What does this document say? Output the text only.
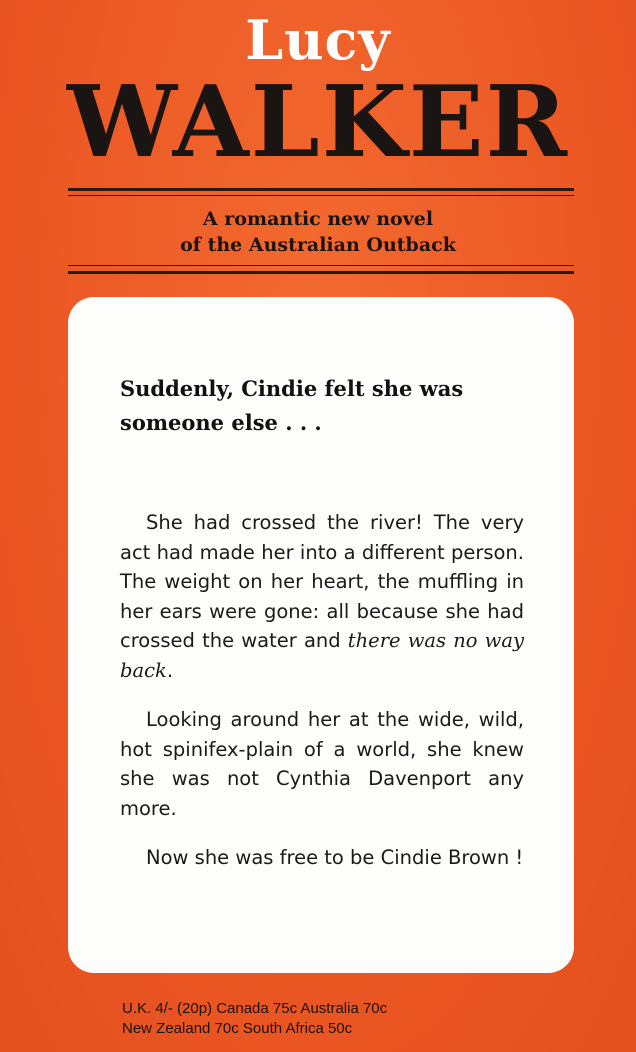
Lucy
WALKER
A romantic new novel
of the Australian Outback
Suddenly, Cindie felt she was
someone else . . .

She had crossed the river! The very act had made her into a different person. The weight on her heart, the muffling in her ears were gone: all because she had crossed the water and there was no way back.

Looking around her at the wide, wild, hot spinifex-plain of a world, she knew she was not Cynthia Davenport any more.

Now she was free to be Cindie Brown !

U.K. 4/- (20p) Canada 75c Australia 70c
New Zealand 70c South Africa 50c
